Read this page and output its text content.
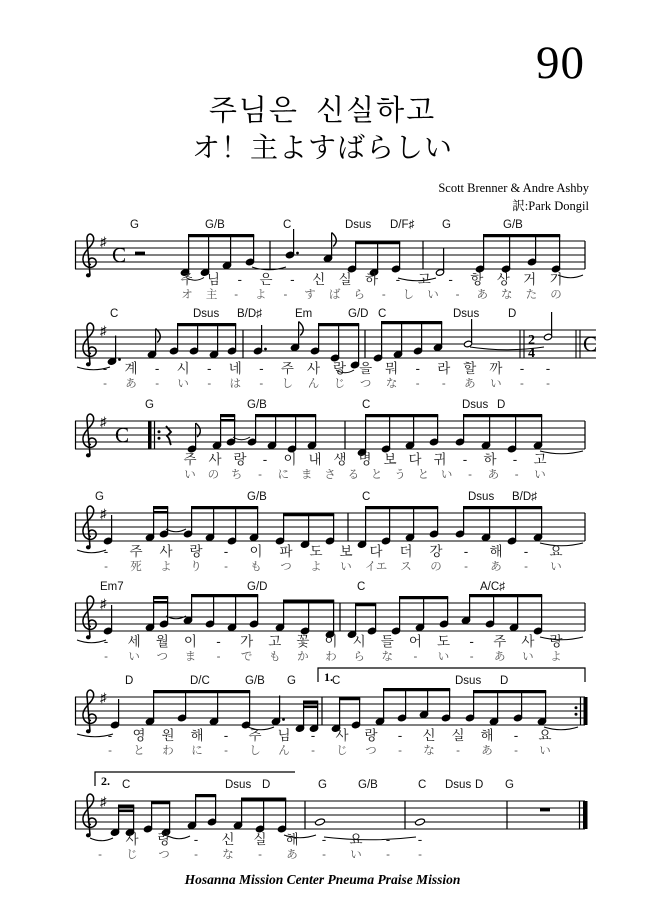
90
주님은 신실하고
オ！主よすばらしい
Scott Brenner & Andre Ashby
訳:Park Dongil
♯
C
G	G/B	C	Dsus D/F♯ G	G/B
주 님 - 은 - 신 실 하 - 고 - 항 상 거 기
オ 主 - よ - す ば ら - し い - あ な た の
♯
2
4 C
C	Dsus B/D♯	Em	G/D C	Dsus	D
- 계 - 시 - 네 - 주 사 랑 을 뭐 - 라 할 까 - -
- あ - い - は - し ん じ つ な - - あ い - -
♯
C
G	G/B	C	Dsus D
주 사 랑 - 이 내 생 명 보 다 귀 - 하 - 고
い の ち - に ま さ る と う と い - あ - い
♯
G	G/B	C	Dsus B/D♯
- 주 사 랑 - 이 파 도 보 다 더 강 - 해 - 요
- 死 よ り - も つ よ い イエ ス の - あ - い
♯
Em7	G/D	C	A/C♯
- 세 월 이 - 가 고 꽃 이 시 들 어 도 - 주 사 랑
- い つ ま - で も か わ ら な - い - あ い よ
♯
1.
D	D/C	G/B G	C	Dsus D
- 영 원 해 - 주 님 - 사 랑 - 신 실 해 - 요
- と わ に - し ん - じ つ - な - あ - い
♯
2. C	Dsus D	G	G/B	C Dsus D G
- 사 랑 - 신 실 해 - 요 - -
- じ つ - な - あ - い - -
Hosanna Mission Center Pneuma Praise Mission
